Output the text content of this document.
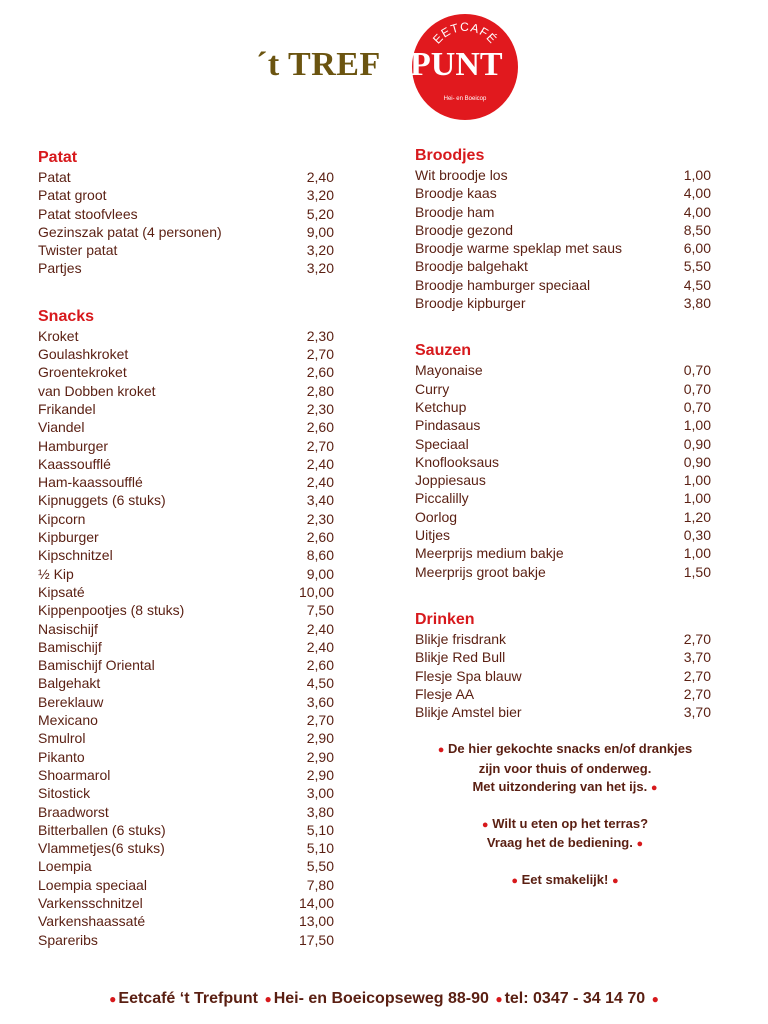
EETCAFÉ
Hei- en Boeicop
´t TREF PUNT
Patat
Patat	2,40
Patat groot	3,20
Patat stoofvlees	5,20
Gezinszak patat (4 personen)	9,00
Twister patat	3,20
Partjes	3,20
Snacks
Kroket	2,30
Goulashkroket	2,70
Groentekroket	2,60
van Dobben kroket	2,80
Frikandel	2,30
Viandel	2,60
Hamburger	2,70
Kaassoufflé	2,40
Ham-kaassoufflé	2,40
Kipnuggets (6 stuks)	3,40
Kipcorn	2,30
Kipburger	2,60
Kipschnitzel	8,60
½ Kip	9,00
Kipsaté	10,00
Kippenpootjes (8 stuks)	7,50
Nasischijf	2,40
Bamischijf	2,40
Bamischijf Oriental	2,60
Balgehakt	4,50
Bereklauw	3,60
Mexicano	2,70
Smulrol	2,90
Pikanto	2,90
Shoarmarol	2,90
Sitostick	3,00
Braadworst	3,80
Bitterballen (6 stuks)	5,10
Vlammetjes(6 stuks)	5,10
Loempia	5,50
Loempia speciaal	7,80
Varkensschnitzel	14,00
Varkenshaassaté	13,00
Spareribs	17,50
Broodjes
Wit broodje los	1,00
Broodje kaas	4,00
Broodje ham	4,00
Broodje gezond	8,50
Broodje warme speklap met saus	6,00
Broodje balgehakt	5,50
Broodje hamburger speciaal	4,50
Broodje kipburger	3,80
Sauzen
Mayonaise	0,70
Curry	0,70
Ketchup	0,70
Pindasaus	1,00
Speciaal	0,90
Knoflooksaus	0,90
Joppiesaus	1,00
Piccalilly	1,00
Oorlog	1,20
Uitjes	0,30
Meerprijs medium bakje	1,00
Meerprijs groot bakje	1,50
Drinken
Blikje frisdrank	2,70
Blikje Red Bull	3,70
Flesje Spa blauw	2,70
Flesje AA	2,70
Blikje Amstel bier	3,70

● De hier gekochte snacks en/of drankjes
zijn voor thuis of onderweg.
Met uitzondering van het ijs. ●

● Wilt u eten op het terras?
Vraag het de bediening. ●

● Eet smakelijk! ●

● Eetcafé ‘t Trefpunt ● Hei- en Boeicopseweg 88-90 ● tel: 0347 - 34 14 70 ●
